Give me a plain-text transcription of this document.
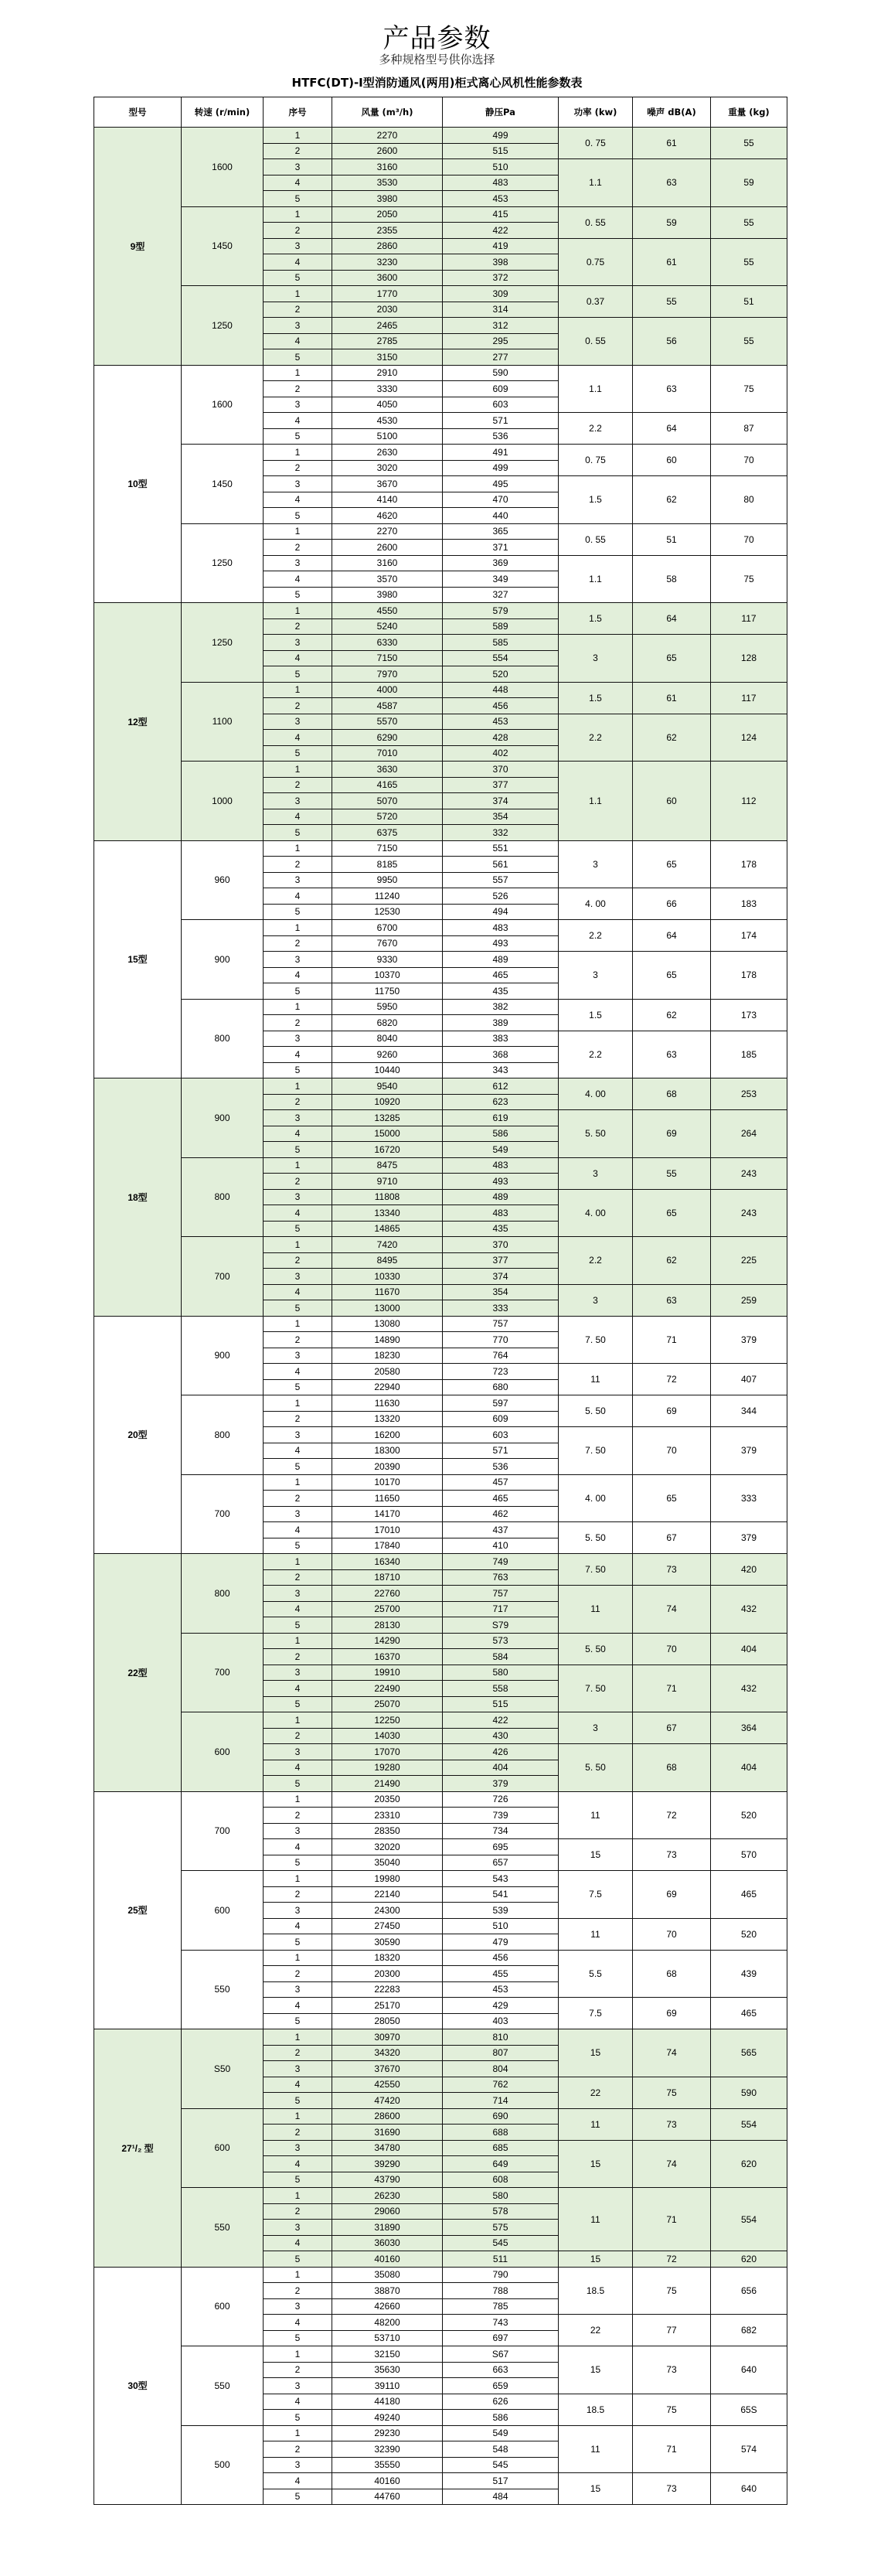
产品参数
多种规格型号供你选择
HTFC(DT)-I型消防通风(两用)柜式离心风机性能参数表
型号	转速 (r/min)	序号	风量 (m³/h)	静压Pa	功率 (kw)	噪声 dB(A)	重量 (kg)
9型	1600	1	2270	499	0. 75	61	55
		2	2600	515			
		3	3160	510	1.1	63	59
		4	3530	483			
		5	3980	453			
	1450	1	2050	415	0. 55	59	55
		2	2355	422			
		3	2860	419	0.75	61	55
		4	3230	398			
		5	3600	372			
	1250	1	1770	309	0.37	55	51
		2	2030	314			
		3	2465	312	0. 55	56	55
		4	2785	295			
		5	3150	277			
10型	1600	1	2910	590	1.1	63	75
		2	3330	609			
		3	4050	603			
		4	4530	571	2.2	64	87
		5	5100	536			
	1450	1	2630	491	0. 75	60	70
		2	3020	499			
		3	3670	495	1.5	62	80
		4	4140	470			
		5	4620	440			
	1250	1	2270	365	0. 55	51	70
		2	2600	371			
		3	3160	369	1.1	58	75
		4	3570	349			
		5	3980	327			
12型	1250	1	4550	579	1.5	64	117
		2	5240	589			
		3	6330	585	3	65	128
		4	7150	554			
		5	7970	520			
	1100	1	4000	448	1.5	61	117
		2	4587	456			
		3	5570	453	2.2	62	124
		4	6290	428			
		5	7010	402			
	1000	1	3630	370	1.1	60	112
		2	4165	377			
		3	5070	374			
		4	5720	354			
		5	6375	332			
15型	960	1	7150	551	3	65	178
		2	8185	561			
		3	9950	557			
		4	11240	526	4. 00	66	183
		5	12530	494			
	900	1	6700	483	2.2	64	174
		2	7670	493			
		3	9330	489	3	65	178
		4	10370	465			
		5	11750	435			
	800	1	5950	382	1.5	62	173
		2	6820	389			
		3	8040	383	2.2	63	185
		4	9260	368			
		5	10440	343			
18型	900	1	9540	612	4. 00	68	253
		2	10920	623			
		3	13285	619	5. 50	69	264
		4	15000	586			
		5	16720	549			
	800	1	8475	483	3	55	243
		2	9710	493			
		3	11808	489	4. 00	65	243
		4	13340	483			
		5	14865	435			
	700	1	7420	370	2.2	62	225
		2	8495	377			
		3	10330	374			
		4	11670	354	3	63	259
		5	13000	333			
20型	900	1	13080	757	7. 50	71	379
		2	14890	770			
		3	18230	764			
		4	20580	723	11	72	407
		5	22940	680			
	800	1	11630	597	5. 50	69	344
		2	13320	609			
		3	16200	603	7. 50	70	379
		4	18300	571			
		5	20390	536			
	700	1	10170	457	4. 00	65	333
		2	11650	465			
		3	14170	462			
		4	17010	437	5. 50	67	379
		5	17840	410			
22型	800	1	16340	749	7. 50	73	420
		2	18710	763			
		3	22760	757	11	74	432
		4	25700	717			
		5	28130	S79			
	700	1	14290	573	5. 50	70	404
		2	16370	584			
		3	19910	580	7. 50	71	432
		4	22490	558			
		5	25070	515			
	600	1	12250	422	3	67	364
		2	14030	430			
		3	17070	426	5. 50	68	404
		4	19280	404			
		5	21490	379			
25型	700	1	20350	726	11	72	520
		2	23310	739			
		3	28350	734			
		4	32020	695	15	73	570
		5	35040	657			
	600	1	19980	543	7.5	69	465
		2	22140	541			
		3	24300	539			
		4	27450	510	11	70	520
		5	30590	479			
	550	1	18320	456	5.5	68	439
		2	20300	455			
		3	22283	453			
		4	25170	429	7.5	69	465
		5	28050	403			
27¹/₂ 型	S50	1	30970	810	15	74	565
		2	34320	807			
		3	37670	804			
		4	42550	762	22	75	590
		5	47420	714			
	600	1	28600	690	11	73	554
		2	31690	688			
		3	34780	685	15	74	620
		4	39290	649			
		5	43790	608			
	550	1	26230	580	11	71	554
		2	29060	578			
		3	31890	575			
		4	36030	545			
		5	40160	511	15	72	620
30型	600	1	35080	790	18.5	75	656
		2	38870	788			
		3	42660	785			
		4	48200	743	22	77	682
		5	53710	697			
	550	1	32150	S67	15	73	640
		2	35630	663			
		3	39110	659			
		4	44180	626	18.5	75	65S
		5	49240	586			
	500	1	29230	549	11	71	574
		2	32390	548			
		3	35550	545			
		4	40160	517	15	73	640
		5	44760	484			
